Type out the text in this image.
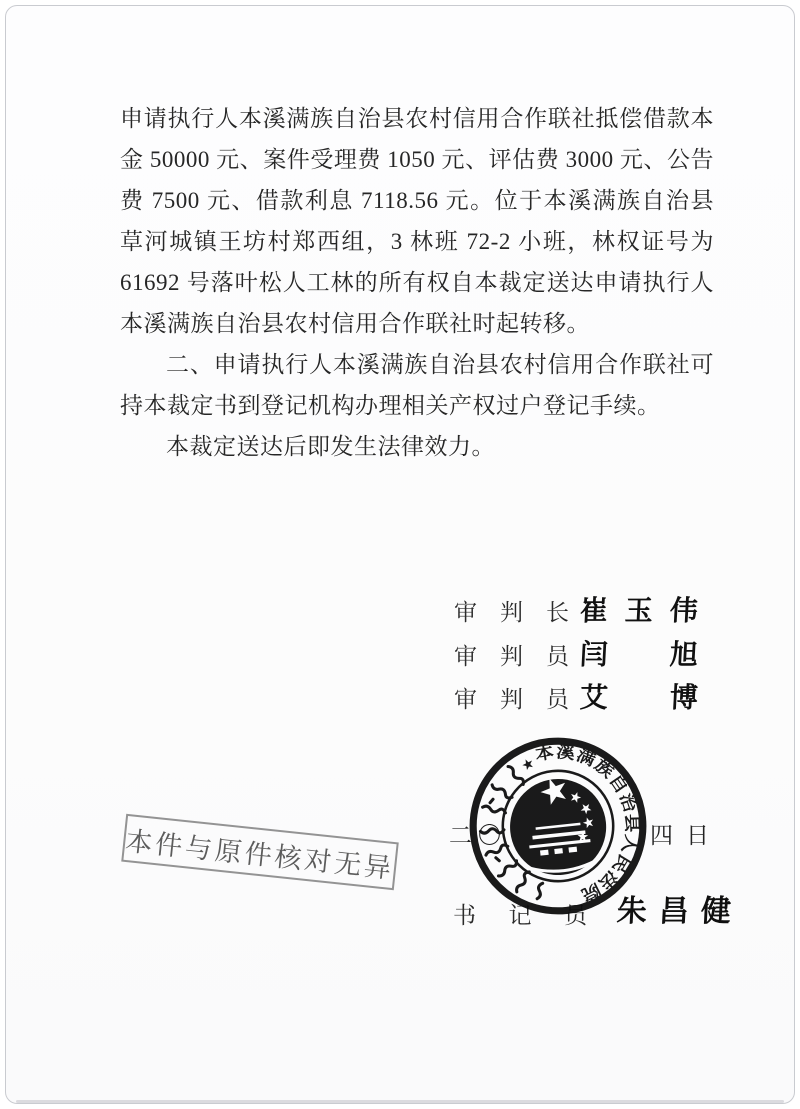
申请执行人本溪满族自治县农村信用合作联社抵偿借款本金 50000 元、案件受理费 1050 元、评估费 3000 元、公告费 7500 元、借款利息 7118.56 元。位于本溪满族自治县草河城镇王坊村郑西组，3 林班 72-2 小班，林权证号为 61692 号落叶松人工林的所有权自本裁定送达申请执行人本溪满族自治县农村信用合作联社时起转移。

二、申请执行人本溪满族自治县农村信用合作联社可持本裁定书到登记机构办理相关产权过户登记手续。

本裁定送达后即发生法律效力。

审判长 崔玉伟
审判员 闫旭
审判员 艾博
二〇	四日
书记员 朱昌健
本溪满族自治县人民法院
本件与原件核对无异
